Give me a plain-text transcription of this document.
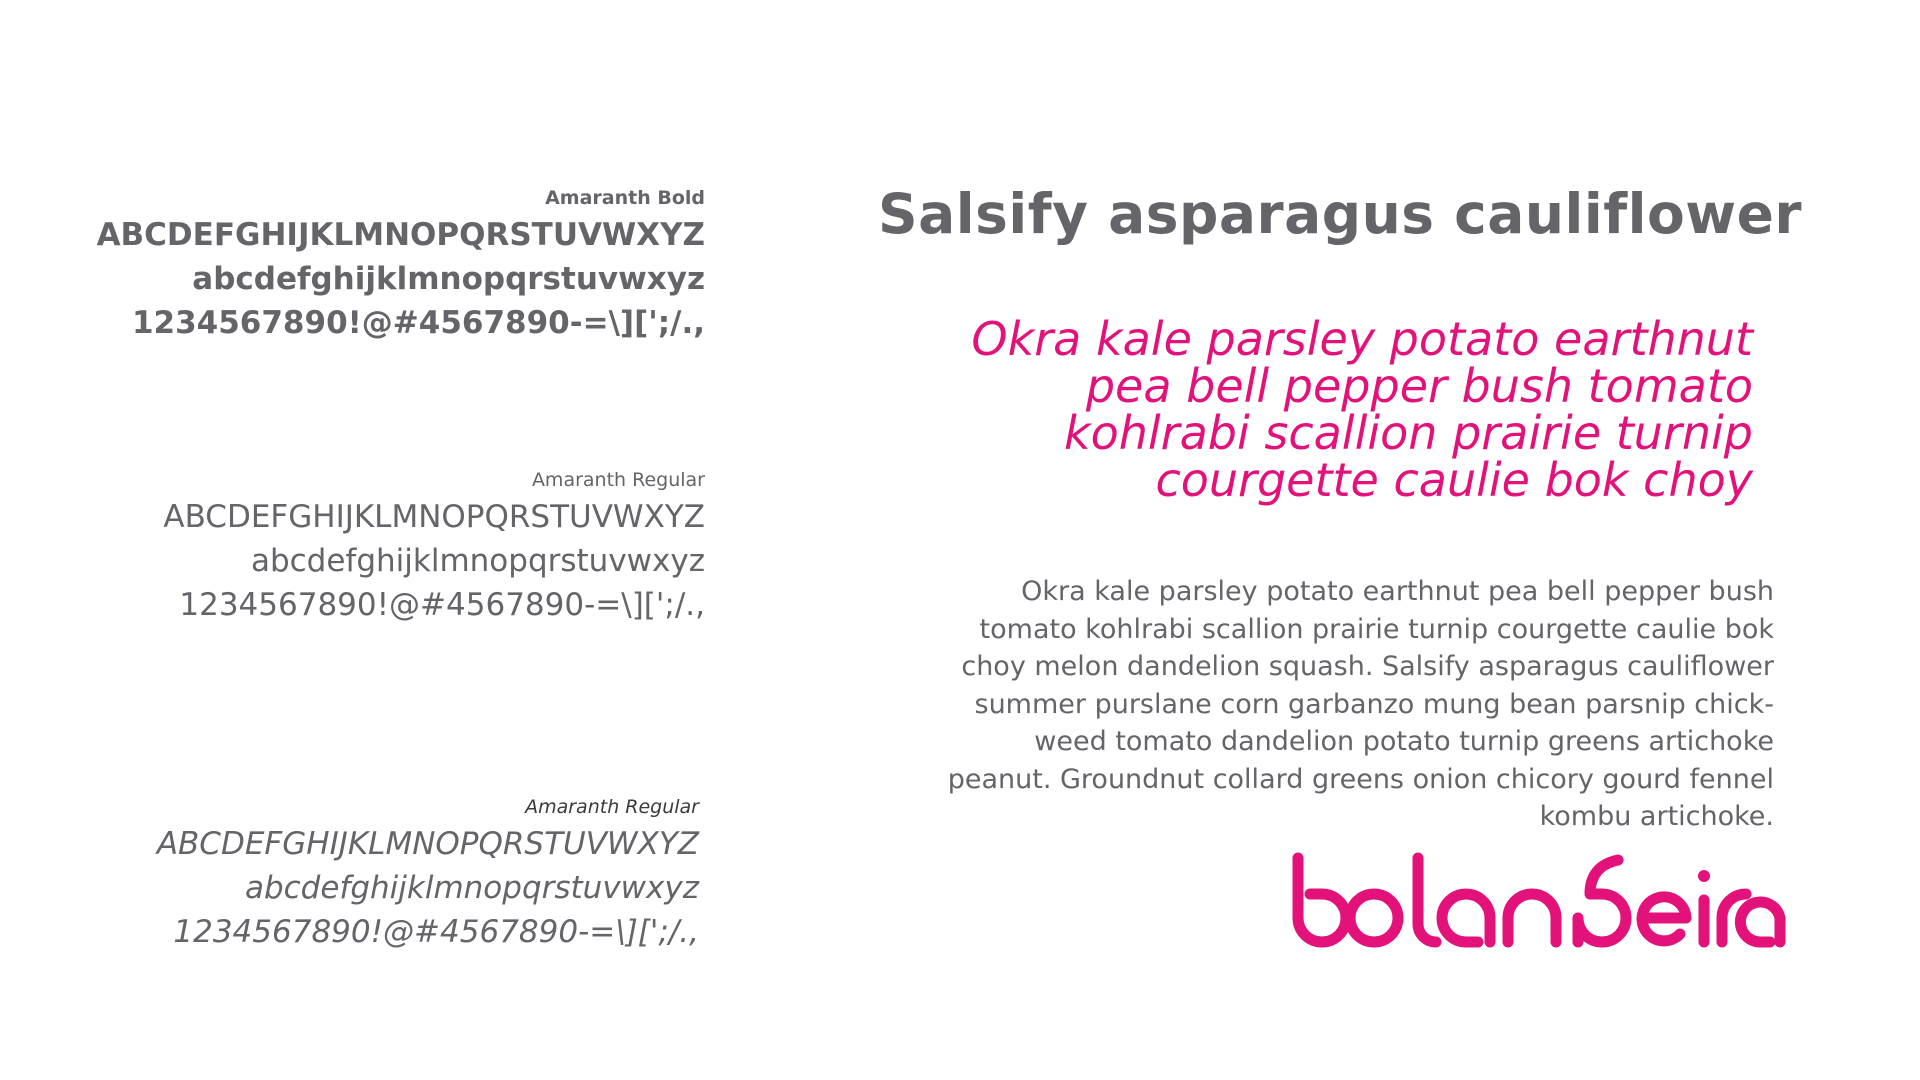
Amaranth Bold
ABCDEFGHIJKLMNOPQRSTUVWXYZ
abcdefghijklmnopqrstuvwxyz
1234567890!@#4567890-=\][';/.,
Amaranth Regular
ABCDEFGHIJKLMNOPQRSTUVWXYZ
abcdefghijklmnopqrstuvwxyz
1234567890!@#4567890-=\][';/.,
Amaranth Regular
ABCDEFGHIJKLMNOPQRSTUVWXYZ
abcdefghijklmnopqrstuvwxyz
1234567890!@#4567890-=\][';/.,
Salsify asparagus cauliflower
Okra kale parsley potato earthnut
pea bell pepper bush tomato
kohlrabi scallion prairie turnip
courgette caulie bok choy
Okra kale parsley potato earthnut pea bell pepper bush
tomato kohlrabi scallion prairie turnip courgette caulie bok
choy melon dandelion squash. Salsify asparagus cauliflower
summer purslane corn garbanzo mung bean parsnip chick-
weed tomato dandelion potato turnip greens artichoke
peanut. Groundnut collard greens onion chicory gourd fennel
kombu artichoke.
